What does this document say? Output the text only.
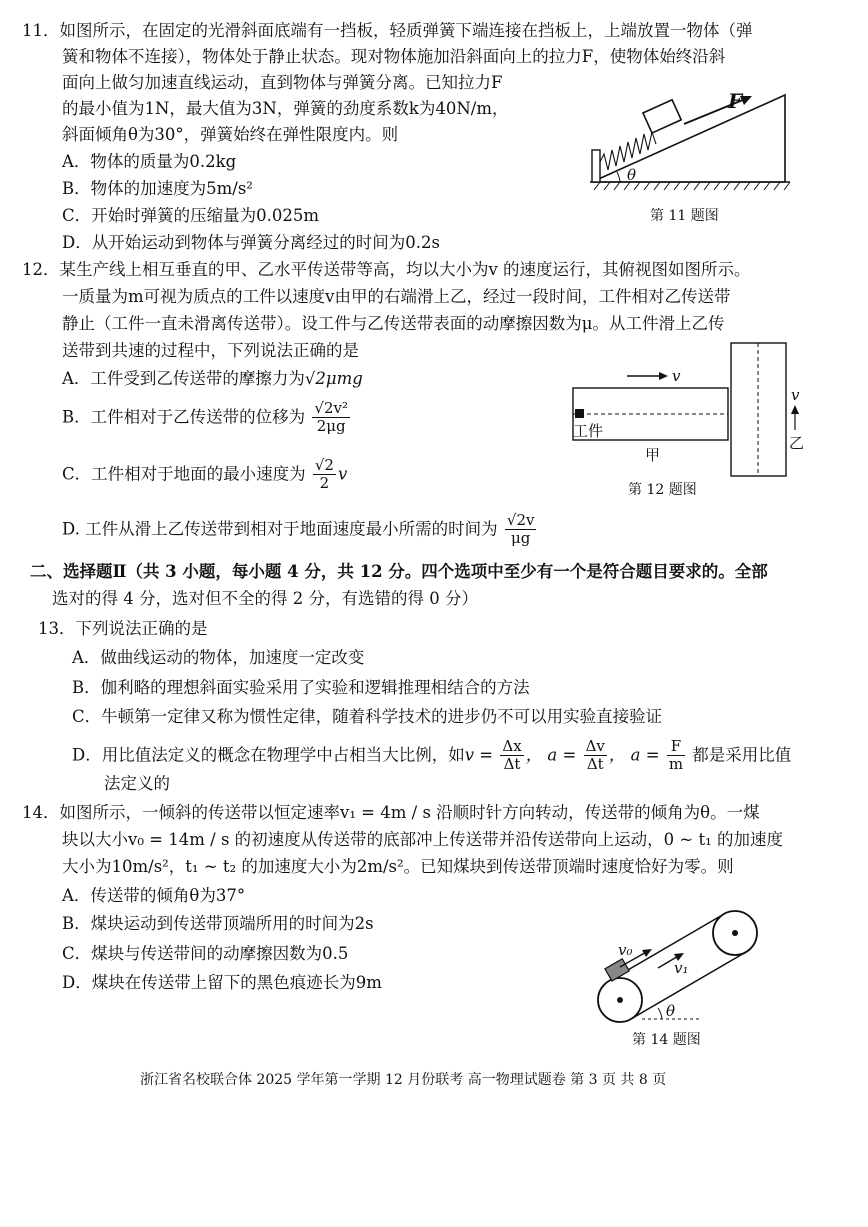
11．如图所示，在固定的光滑斜面底端有一挡板，轻质弹簧下端连接在挡板上，上端放置一物体（弹
簧和物体不连接），物体处于静止状态。现对物体施加沿斜面向上的拉力F，使物体始终沿斜
面向上做匀加速直线运动，直到物体与弹簧分离。已知拉力F
的最小值为1N，最大值为3N，弹簧的劲度系数k为40N/m，
斜面倾角θ为30°，弹簧始终在弹性限度内。则
A．物体的质量为0.2kg
B．物体的加速度为5m/s²
C．开始时弹簧的压缩量为0.025m
D．从开始运动到物体与弹簧分离经过的时间为0.2s
F
θ
第 11 题图
12．某生产线上相互垂直的甲、乙水平传送带等高，均以大小为v 的速度运行，其俯视图如图所示。
一质量为m可视为质点的工件以速度v由甲的右端滑上乙，经过一段时间，工件相对乙传送带
静止（工件一直未滑离传送带）。设工件与乙传送带表面的动摩擦因数为μ。从工件滑上乙传
送带到共速的过程中，下列说法正确的是
A．工件受到乙传送带的摩擦力为√2μmg
B．工件相对于乙传送带的位移为 $\frac{\text{√2v²}}{2\mu g}$
C．工件相对于地面的最小速度为 $\frac{√2}{2}$ v
D. 工件从滑上乙传送带到相对于地面速度最小所需的时间为 $\frac{√2v}{\mu g}$
工件
v
v
乙
甲
第 12 题图
二、选择题Ⅱ（共 3 小题，每小题 4 分，共 12 分。四个选项中至少有一个是符合题目要求的。全部
选对的得 4 分，选对但不全的得 2 分，有选错的得 0 分）
13．下列说法正确的是
A．做曲线运动的物体，加速度一定改变
B．伽利略的理想斜面实验采用了实验和逻辑推理相结合的方法
C．牛顿第一定律又称为惯性定律，随着科学技术的进步仍不可以用实验直接验证
D．用比值法定义的概念在物理学中占相当大比例，如$v = \frac{\Delta x}{\Delta t}$ ， $a = \frac{\Delta v}{\Delta t}$ ， $a = \frac{F}{m}$ 都是采用比值
法定义的
14．如图所示，一倾斜的传送带以恒定速率v₁ = 4m / s 沿顺时针方向转动，传送带的倾角为θ。一煤
块以大小v₀ = 14m / s 的初速度从传送带的底部冲上传送带并沿传送带向上运动，0 ~ t₁ 的加速度
大小为10m/s²，t₁ ~ t₂ 的加速度大小为2m/s²。已知煤块到传送带顶端时速度恰好为零。则
A．传送带的倾角θ为37°
B．煤块运动到传送带顶端所用的时间为2s
C．煤块与传送带间的动摩擦因数为0.5
D．煤块在传送带上留下的黑色痕迹长为9m
v₀
v₁
θ
第 14 题图
浙江省名校联合体 2025 学年第一学期 12 月份联考 高一物理试题卷 第 3 页 共 8 页
